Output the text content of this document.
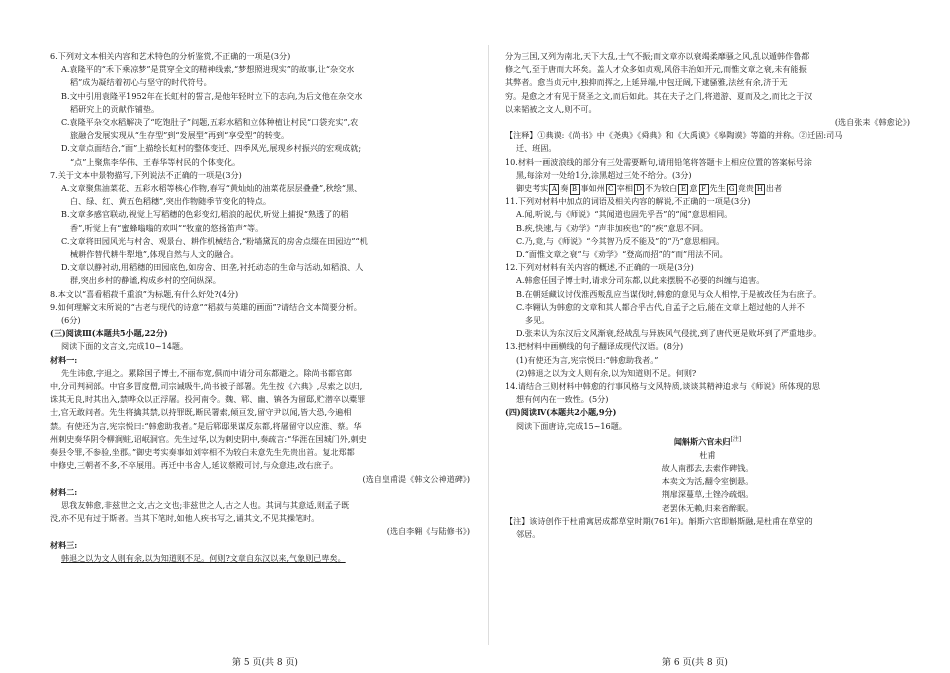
6.下列对文本相关内容和艺术特色的分析鉴赏,不正确的一项是(3分)
A.袁隆平的“禾下乘凉梦”是贯穿全文的精神线索,“梦想照进现实”的故事,让“杂交水
稻”成为凝结着初心与坚守的时代符号。
B.文中引用袁隆平1952年在长虹村的誓言,是他年轻时立下的志向,为后文他在杂交水
稻研究上的贡献作铺垫。
C.袁隆平杂交水稻解决了“吃饱肚子”问题,五彩水稻和立体种植让村民“口袋充实”,农
旅融合发展实现从“生存型”到“发展型”再到“享受型”的转变。
D.文章点面结合,“面”上描绘长虹村的整体变迁、四季风光,展现乡村振兴的宏观成就;
“点”上聚焦李华伟、王春华等村民的个体变化。
7.关于文本中景物描写,下列说法不正确的一项是(3分)
A.文章聚焦油菜花、五彩水稻等核心作物,春写“黄灿灿的油菜花层层叠叠”,秋绘“黑、
白、绿、红、黄五色稻穗”,突出作物随季节变化的特点。
B.文章多感官联动,视觉上写稻穗的色彩变幻,稻浪的起伏,听觉上捕捉“熟透了的稻
香”,听觉上有“蜜蜂嗡嗡的欢叫”“牧童的悠扬笛声”等。
C.文章将田园风光与村舍、观景台、耕作机械结合,“粉墙黛瓦的房舍点缀在田园边”“机
械耕作替代耕牛犁地”,体现自然与人文的融合。
D.文章以静衬动,用稻穗的田园底色,如房舍、田垄,衬托动态的生命与活动,如稻浪、人
群,突出乡村的静谧,构成乡村的空间纵深。
8.本文以“喜看稻菽千重浪”为标题,有什么好处?(4分)
9.如何理解文末所说的“古老与现代的诗意”“稻菽与英雄的画面”?请结合文本简要分析。
(6分)
(三)阅读Ⅲ(本题共5小题,22分)
阅读下面的文言文,完成10~14题。
材料一:
先生讳愈,字退之。累除国子博士,不丽布宽,俱而中请分司东都避之。除尚书都官郎
中,分司判祠部。中官多冒度僧,司宗诫吸牛,尚书被子部署。先生按《六典》,尽索之以归,
诛其无良,时其出入,禁哗众以正浮屠。投河南令。魏、郓、幽、镇各为留邸,贮潜卒以橐罪
士,官无敢问者。先生将擒其禁,以持罪既,断民署索,倾亘发,留守尹以闻,皆大恐,今遍相
禁。有使还为言,宪宗悦曰:“韩愈助我者。”是后郓邸果谋反东都,将屠留守以应淮、蔡。华
州刺史奏华阴令柳涧赃,诏岷洞官。先生过华,以为刺史阴中,奏疏言:“华涯在国城门外,刺史
奏县令罪,不参验,坐郡。”御史考实奏事如刘宰相不为较白未意先生先贵出首。复北郑都
中修史,三朝者不多,不卒展用。再迁中书舍人,延议蔡殿可讨,与众意违,改右庶子。
(选自皇甫湜《韩文公神道碑》)
材料二:
思我友韩愈,非兹世之文,古之文也;非兹世之人,古之人也。其词与其意适,则孟子既
没,亦不见有过于斯者。当其下笔时,如他人疾书写之,诵其文,不见其操笔时。
(选自李翱《与陆修书》)
材料三:
韩退之以为文人则有余,以为知道则不足。何则?文章自东汉以来,气象则已卑矣。
分为三国,又列为南北,天下大乱,士气不振;而文章亦以衰竭柔靡骚之风,乱以遁韩作鲁都
修之气,至于唐而大坏矣。盖人才众多如贞观,风俗丰治如开元,而惟文章之衰,未有能振
其弊者。愈当贞元中,独抑而挥之,上延异端,中包迂阔,下逮骚雅,法丝有余,济于无
穷。是愈之才有见于贤圣之文,而后如此。其在夫子之门,将道游、夏而及之,而比之于汉
以来韬被之文人,则不可。
(选自张耒《韩愈论》)
【注释】①典谟:《尚书》中《尧典》《舜典》和《大禹谟》《皋陶谟》等篇的并称。②迁固:司马
迁、班固。
10.材料一画波浪线的部分有三处需要断句,请用铅笔将答题卡上相应位置的答案标号涂
黑,每涂对一处给1分,涂黑超过三处不给分。(3分)
御史考实 A 奏 B 事如州 C 宰相 D 不为较白 E 意 F 先生 G 竟贵 H 出者
11.下列对材料中加点的词语及相关内容的解说,不正确的一项是(3分)
A.闻,听说,与《师说》“其闻道也固先乎吾”的“闻”意思相同。
B.疾,快速,与《劝学》“声非加疾也”的“疾”意思不同。
C.乃,竟,与《师说》“今其智乃反不能及”的“乃”意思相同。
D.“面惟文章之衰”与《劝学》“登高而招”的“而”用法不同。
12.下列对材料有关内容的概述,不正确的一项是(3分)
A.韩愈任国子博士时,请求分司东都,以此来摆脱不必要的纠缠与追害。
B.在朝廷藏议讨伐淮西叛乱应当谋伐时,韩愈的意见与众人相悖,于是被改任为右庶子。
C.李翱认为韩愈的文章和其人都合乎古代,自孟子之后,能在文章上超过他的人并不
多见。
D.张耒认为东汉后文风渐衰,经战乱与异族风气侵扰,到了唐代更是败坏到了严重地步。
13.把材料中画横线的句子翻译成现代汉语。(8分)
(1)有使还为言,宪宗悦曰:“韩愈助我者。”
(2)韩退之以为文人则有余,以为知道则不足。何则?
14.请结合三则材料中韩愈的行事风格与文风特质,谈谈其精神追求与《师说》所体现的思
想有何内在一致性。(5分)
(四)阅读Ⅳ(本题共2小题,9分)
阅读下面唐诗,完成15~16题。
闻斛斯六官未归[注]
杜甫
故人南郡去,去索作碑钱。
本卖文为活,翻令室倒悬。
荆扉深蔓草,土锉冷疏烟。
老罢休无赖,归来省醉眠。
【注】该诗创作于杜甫寓居成都草堂时期(761年)。斛斯六官即斛斯融,是杜甫在草堂的
邻居。
第 5 页(共 8 页)	第 6 页(共 8 页)
